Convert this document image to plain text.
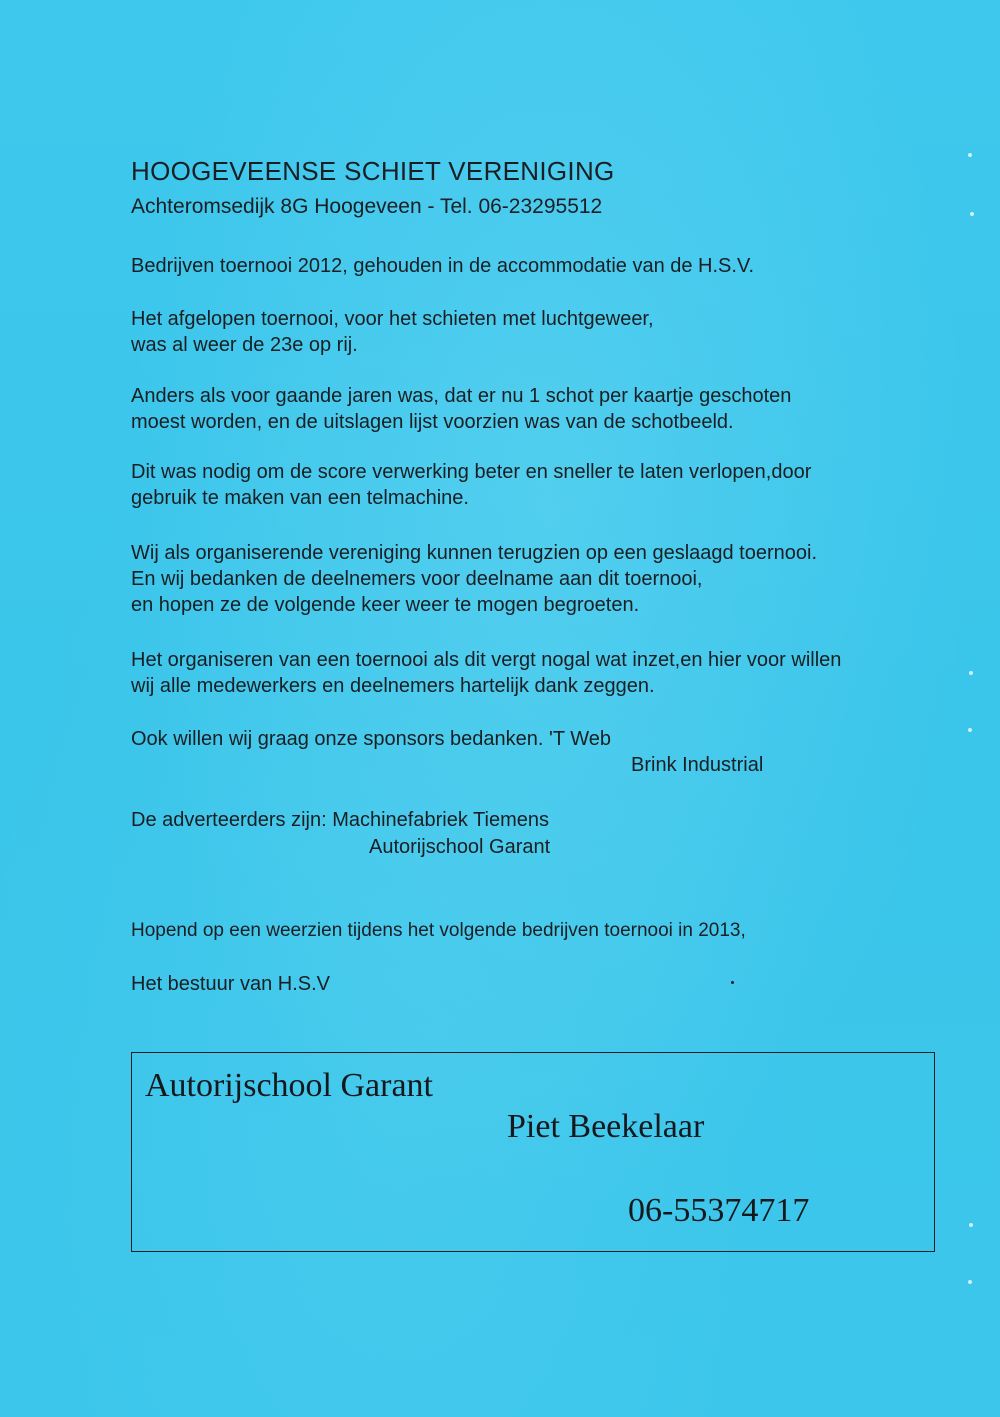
HOOGEVEENSE SCHIET VERENIGING
Achteromsedijk 8G Hoogeveen - Tel. 06-23295512
Bedrijven toernooi 2012, gehouden in de accommodatie van de H.S.V.
Het afgelopen toernooi, voor het schieten met luchtgeweer,
was al weer de 23e op rij.
Anders als voor gaande jaren was, dat er nu 1 schot per kaartje geschoten
moest worden, en de uitslagen lijst voorzien was van de schotbeeld.
Dit was nodig om de score verwerking beter en sneller te laten verlopen,door
gebruik te maken van een telmachine.
Wij als organiserende vereniging kunnen terugzien op een geslaagd toernooi.
En wij bedanken de deelnemers voor deelname aan dit toernooi,
en hopen ze de volgende keer weer te mogen begroeten.
Het organiseren van een toernooi als dit vergt nogal wat inzet,en hier voor willen
wij alle medewerkers en deelnemers hartelijk dank zeggen.
Ook willen wij graag onze sponsors bedanken. 'T Web
Brink Industrial
De adverteerders zijn: Machinefabriek Tiemens
Autorijschool Garant
Hopend op een weerzien tijdens het volgende bedrijven toernooi in 2013,
Het bestuur van H.S.V
Autorijschool Garant
Piet Beekelaar
06-55374717
